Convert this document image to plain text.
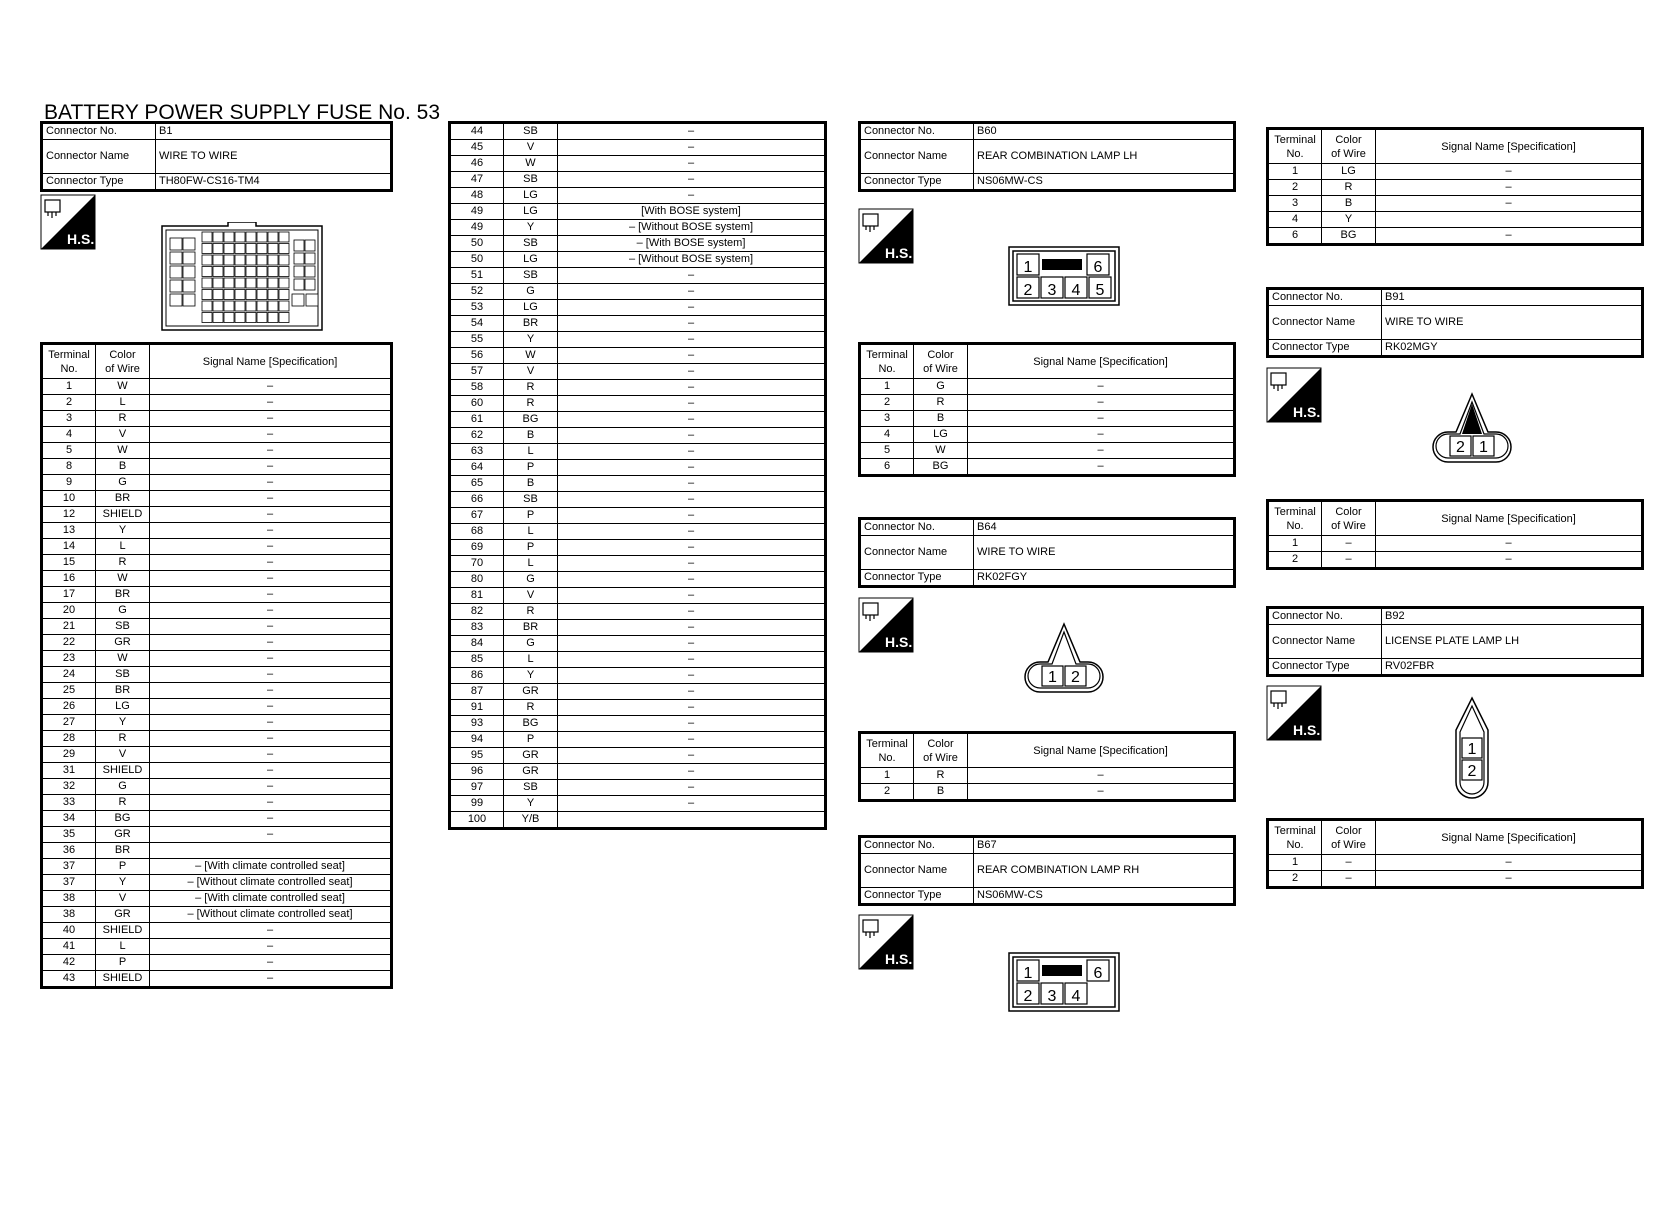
BATTERY POWER SUPPLY FUSE No. 53
Connector No.	B1
Connector Name	WIRE TO WIRE
Connector Type	TH80FW-CS16-TM4
H.S.
Terminal
No.	Color
of Wire	Signal Name [Specification]
1	W	–
2	L	–
3	R	–
4	V	–
5	W	–
8	B	–
9	G	–
10	BR	–
12	SHIELD	–
13	Y	–
14	L	–
15	R	–
16	W	–
17	BR	–
20	G	–
21	SB	–
22	GR	–
23	W	–
24	SB	–
25	BR	–
26	LG	–
27	Y	–
28	R	–
29	V	–
31	SHIELD	–
32	G	–
33	R	–
34	BG	–
35	GR	–
36	BR	
37	P	– [With climate controlled seat]
37	Y	– [Without climate controlled seat]
38	V	– [With climate controlled seat]
38	GR	– [Without climate controlled seat]
40	SHIELD	–
41	L	–
42	P	–
43	SHIELD	–
44	SB	–
45	V	–
46	W	–
47	SB	–
48	LG	–
49	LG	[With BOSE system]
49	Y	– [Without BOSE system]
50	SB	– [With BOSE system]
50	LG	– [Without BOSE system]
51	SB	–
52	G	–
53	LG	–
54	BR	–
55	Y	–
56	W	–
57	V	–
58	R	–
60	R	–
61	BG	–
62	B	–
63	L	–
64	P	–
65	B	–
66	SB	–
67	P	–
68	L	–
69	P	–
70	L	–
80	G	–
81	V	–
82	R	–
83	BR	–
84	G	–
85	L	–
86	Y	–
87	GR	–
91	R	–
93	BG	–
94	P	–
95	GR	–
96	GR	–
97	SB	–
99	Y	–
100	Y/B	
Connector No.	B60
Connector Name	REAR COMBINATION LAMP LH
Connector Type	NS06MW-CS
H.S.
1	6
2 3 4 5
Terminal
No.	Color
of Wire	Signal Name [Specification]
1	G	–
2	R	–
3	B	–
4	LG	–
5	W	–
6	BG	–
Connector No.	B64
Connector Name	WIRE TO WIRE
Connector Type	RK02FGY
H.S.
1 2
Terminal
No.	Color
of Wire	Signal Name [Specification]
1	R	–
2	B	–
Connector No.	B67
Connector Name	REAR COMBINATION LAMP RH
Connector Type	NS06MW-CS
H.S.
1	6
2 3 4
Terminal
No.	Color
of Wire	Signal Name [Specification]
1	LG	–
2	R	–
3	B	–
4	Y	
6	BG	–
Connector No.	B91
Connector Name	WIRE TO WIRE
Connector Type	RK02MGY
H.S.
2 1
Terminal
No.	Color
of Wire	Signal Name [Specification]
1	–	–
2	–	–
Connector No.	B92
Connector Name	LICENSE PLATE LAMP LH
Connector Type	RV02FBR
H.S.
1
2
Terminal
No.	Color
of Wire	Signal Name [Specification]
1	–	–
2	–	–
